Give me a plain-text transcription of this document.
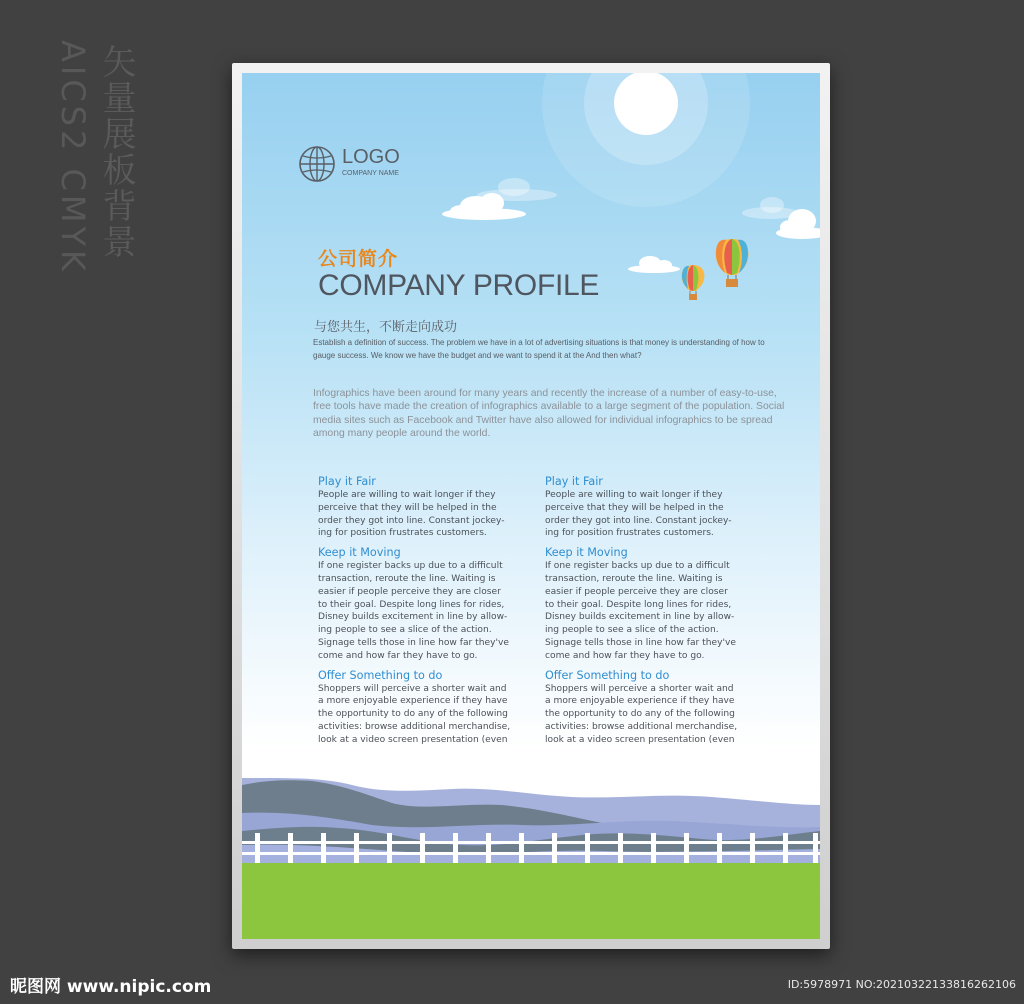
矢量展板背景
AICS2 CMYK	LOGO
COMPANY NAME
公司简介
COMPANY PROFILE
与您共生，不断走向成功
Establish a definition of success. The problem we have in a lot of advertising situations is that money is understanding of how to gauge success. We know we have the budget and we want to spend it at the And then what?
Infographics have been around for many years and recently the increase of a number of easy-to-use, free tools have made the creation of infographics available to a large segment of the population. Social media sites such as Facebook and Twitter have also allowed for individual infographics to be spread among many people around the world.

Play it Fair

People are willing to wait longer if they
perceive that they will be helped in the
order they got into line. Constant jockey-
ing for position frustrates customers.

Keep it Moving

If one register backs up due to a difficult
transaction, reroute the line. Waiting is
easier if people perceive they are closer
to their goal. Despite long lines for rides,
Disney builds excitement in line by allow-
ing people to see a slice of the action.
Signage tells those in line how far they've
come and how far they have to go.

Offer Something to do

Shoppers will perceive a shorter wait and
a more enjoyable experience if they have
the opportunity to do any of the following
activities: browse additional merchandise,
look at a video screen presentation (even

Play it Fair

People are willing to wait longer if they
perceive that they will be helped in the
order they got into line. Constant jockey-
ing for position frustrates customers.

Keep it Moving

If one register backs up due to a difficult
transaction, reroute the line. Waiting is
easier if people perceive they are closer
to their goal. Despite long lines for rides,
Disney builds excitement in line by allow-
ing people to see a slice of the action.
Signage tells those in line how far they've
come and how far they have to go.

Offer Something to do

Shoppers will perceive a shorter wait and
a more enjoyable experience if they have
the opportunity to do any of the following
activities: browse additional merchandise,
look at a video screen presentation (even

昵图网 www.nipic.com	ID:5978971 NO:20210322133816262106
